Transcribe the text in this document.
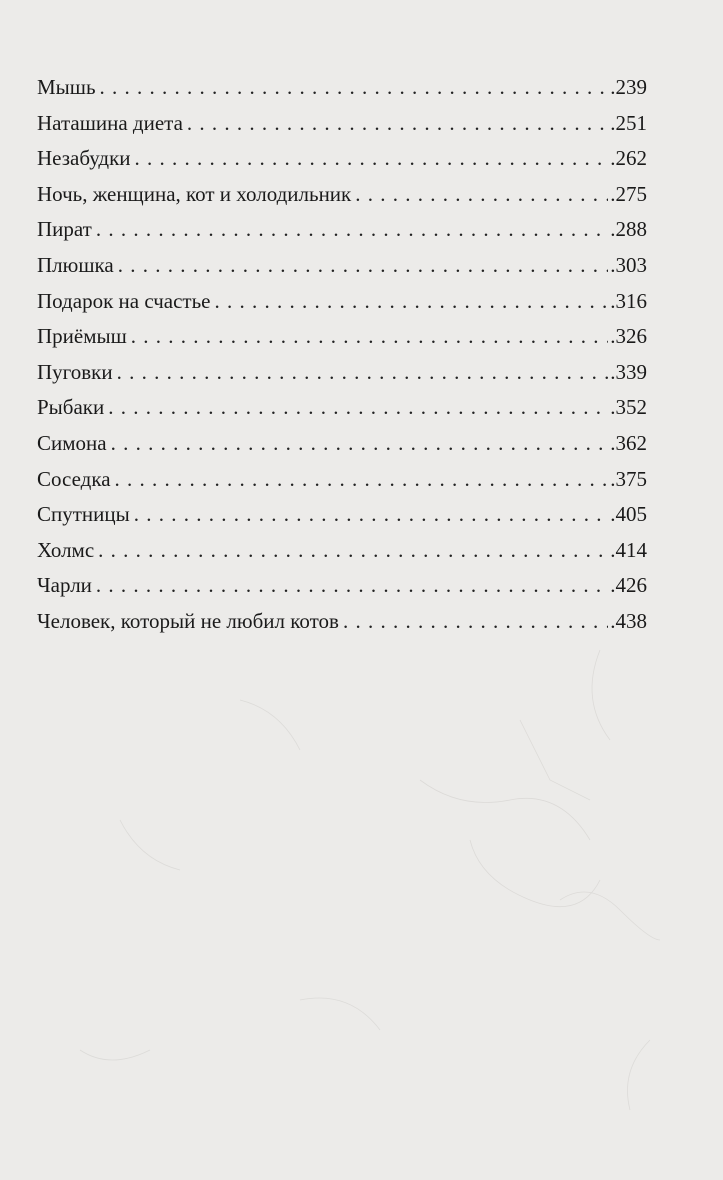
Мышь . . .	.239
Наташина диета . . .	.251
Незабудки . . .	.262
Ночь, женщина, кот и холодильник . . .	.275
Пират . . .	.288
Плюшка . . .	.303
Подарок на счастье . . .	.316
Приёмыш . . .	.326
Пуговки . . .	.339
Рыбаки . . .	.352
Симона . . .	.362
Соседка . . .	.375
Спутницы . . .	.405
Холмс . . .	.414
Чарли . . .	.426
Человек, который не любил котов . . .	.438
